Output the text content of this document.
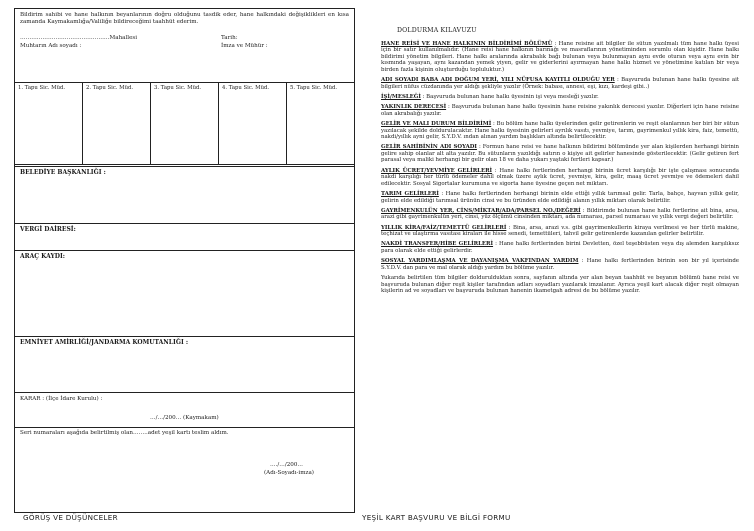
Bildirim sahibi ve hane halkının beyanlarının doğru olduğunu tasdik eder, hane halkındaki değişiklikleri en kısa zamanda Kaymakamlığa/Valiliğe bildireceğimi taahhüt ederim.
…………………………………………Mahallesi	Tarih:
Muhtarın Adı soyadı :	İmza ve Mühür :
1. Tapu Sic. Müd.	2. Tapu Sic. Müd.	3. Tapu Sic. Müd.	4. Tapu Sic. Müd.	5. Tapu Sic. Müd.
BELEDİYE BAŞKANLIĞI :
VERGİ DAİRESİ:
ARAÇ KAYDI:
EMNİYET AMİRLİĞİ/JANDARMA KOMUTANLIĞI :
KARAR : (İlçe İdare Kurulu) :
…/…/200… (Kaymakam)
Seri numaraları aşağıda belirtilmiş olan……..adet yeşil kartı teslim aldım.
…./…/200…
(Adı-Soyadı-imza)
GÖRÜŞ VE DÜŞÜNCELER	YEŞİL KART BAŞVURU VE BİLGİ FORMU
DOLDURMA KILAVUZU
HANE REİSİ VE HANE HALKININ BİLDİRİMİ BÖLÜMÜ : Hane reisine ait bilgiler ile sütun yazılmalı tüm hane halkı üyesi için bir satır kullanılmalıdır. (Hane reisi hane halkının barınağı ve masraflarının yönetiminden sorumlu olan kişidir. Hane halkı bildirimi yönetim bilgileri. Hane halkı aralarında akrabalık bağı bulunan veya bulunmayan aynı evde oturan veya aynı evin bir kısmında yaşayan, aynı kazandan yemek yiyen, gelir ve giderlerini ayırmayan hane halkı hizmet ve yönetimine katılan bir veya birden fazla kişinin oluşturduğu topluluktur.)
ADI SOYADI BABA ADI DOĞUM YERİ, YILI NÜFUSA KAYITLI OLDUĞU YER : Başvuruda bulunan hane halkı üyesine ait bilgileri nüfus cüzdanında yer aldığı şekliyle yazılır (Örnek: babası, annesi, eşi, kızı, kardeşi gibi..)
İŞİ/MESLEĞİ : Başvuruda bulunan hane halkı üyesinin işi veya mesleği yazılır.
YAKINLIK DERECESİ : Başvuruda bulunan hane halkı üyesinin hane reisine yakınlık derecesi yazılır. Diğerleri için hane reisine olan akrabalığı yazılır.
GELİR VE MALI DURUM BİLDİRİMİ : Bu bölüm hane halkı üyelerinden gelir getirenlerin ve reşit olanlarının her biri bir sütun yazılacak şekilde doldurulacaktır. Hane halkı üyesinin gelirleri ayrılık vasıtı, yevmiye, tarım, gayrimenkul yıllık kira, faiz, temettü, nakdi/yıllık ayni gelir, S.Y.D.V. ından alınan yardım başlıkları altında belirtilecektir.
GELİR SAHİBİNİN ADI SOYADI : Formun hane reisi ve hane halkının bildirimi bölümünde yer alan kişilerden herhangi birinin gelire sahip olanlar alt alta yazılır. Bu sütunların yazıldığı satırın o kişiye ait gelirler hanesinde gösterilecektir. (Gelir getiren fert parasal veya maliki herhangi bir gelir olan 18 ve daha yukarı yaştaki fertleri kapsar.)
AYLIK ÜCRET/YEVMİYE GELİRLERİ : Hane halkı fertlerinden herhangi birinin ücret karşılığı bir işte çalışması sonucunda nakdi karşılığı her türlü ödemeler dahil olmak üzere aylık ücret, yevmiye, kira, gelir, maaş ücret yevmiye ve ödemeleri dahil edilecektir. Sosyal Sigortalar kurumuna ve sigorta hane üyesine geçen net miktarı.
TARIM GELİRLERİ : Hane halkı fertlerinden herhangi birinin elde ettiği yıllık tarımsal gelir. Tarla, bahçe, hayvan yıllık gelir, gelirin elde edildiği tarımsal ürünün cinsi ve bu üründen elde edildiği alanın yıllık miktarı olarak belirtilir.
GAYRİMENKULÜN YER, CİNS/MİKTAR/ADA/PARSEL NO./DEĞERİ : Bildirimde bulunan hane halkı fertlerine ait bina, arsa, arazi gibi gayrimenkulün yeri, cinsi, yüz ölçümü cinsinden miktarı, ada numarası, parsel numarası ve yıllık vergi değeri belirtilir.
YILLIK KİRA/FAİZ/TEMETTÜ GELİRLERİ : Bina, arsa, arazi v.s. gibi gayrimenkullerin kiraya verilmesi ve her türlü makine, teçhizat ve ulaştırma vasıtası kiraları ile hisse senedi, temettüleri, tahvil gelir getirenlerde kazanılan gelirler belirtilir.
NAKDİ TRANSFER/HİBE GELİRLERİ : Hane halkı fertlerinden birini Devletten, özel teşebbüsten veya dış alemden karşılıksız para olarak elde ettiği gelirlerdir.
SOSYAL YARDIMLAŞMA VE DAYANIŞMA VAKFINDAN YARDIM : Hane halkı fertlerinden birinin son bir yıl içerisinde S.Y.D.V. dan para ve mal olarak aldığı yardım bu bölüme yazılır.
Yukarıda belirtilen tüm bilgiler doldurulduktan sonra, sayfanın altında yer alan beyan taahhüt ve beyanın bölümü hane reisi ve başvuruda bulunan diğer reşit kişiler tarafından adları soyadları yazılarak imzalanır. Ayrıca yeşil kart alacak diğer reşit olmayan kişilerin ad ve soyadları ve başvuruda bulunan hanenin ikametgah adresi de bu bölüme yazılır.
